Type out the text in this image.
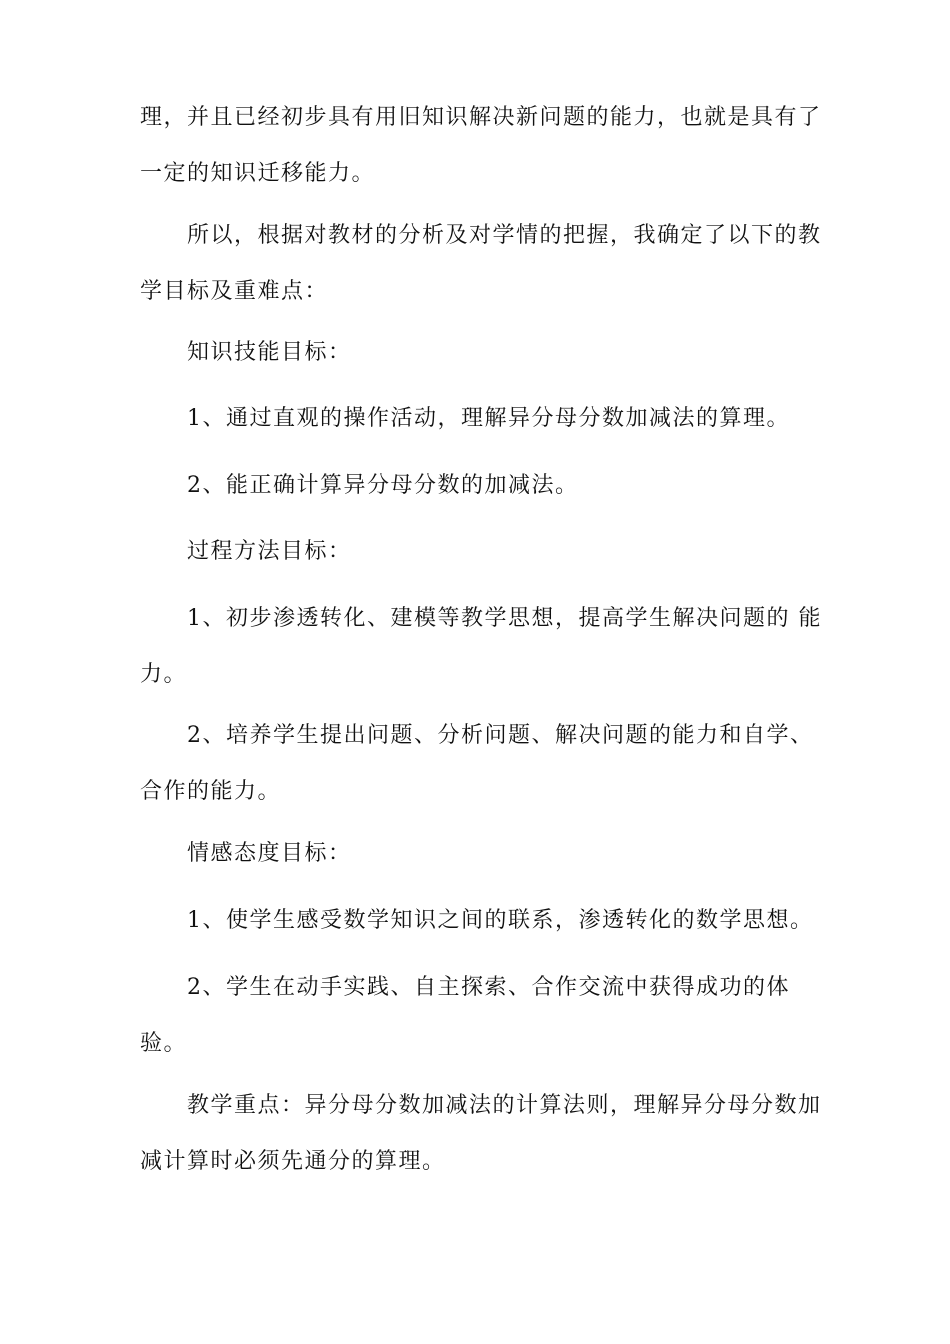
理，并且已经初步具有用旧知识解决新问题的能力，也就是具有了一定的知识迁移能力。

所以，根据对教材的分析及对学情的把握，我确定了以下的教学目标及重难点：

知识技能目标：

1、通过直观的操作活动，理解异分母分数加减法的算理。

2、能正确计算异分母分数的加减法。

过程方法目标：

1、初步渗透转化、建模等教学思想，提高学生解决问题的 能力。

2、培养学生提出问题、分析问题、解决问题的能力和自学、合作的能力。

情感态度目标：

1、使学生感受数学知识之间的联系，渗透转化的数学思想。

2、学生在动手实践、自主探索、合作交流中获得成功的体验。

教学重点：异分母分数加减法的计算法则，理解异分母分数加减计算时必须先通分的算理。
